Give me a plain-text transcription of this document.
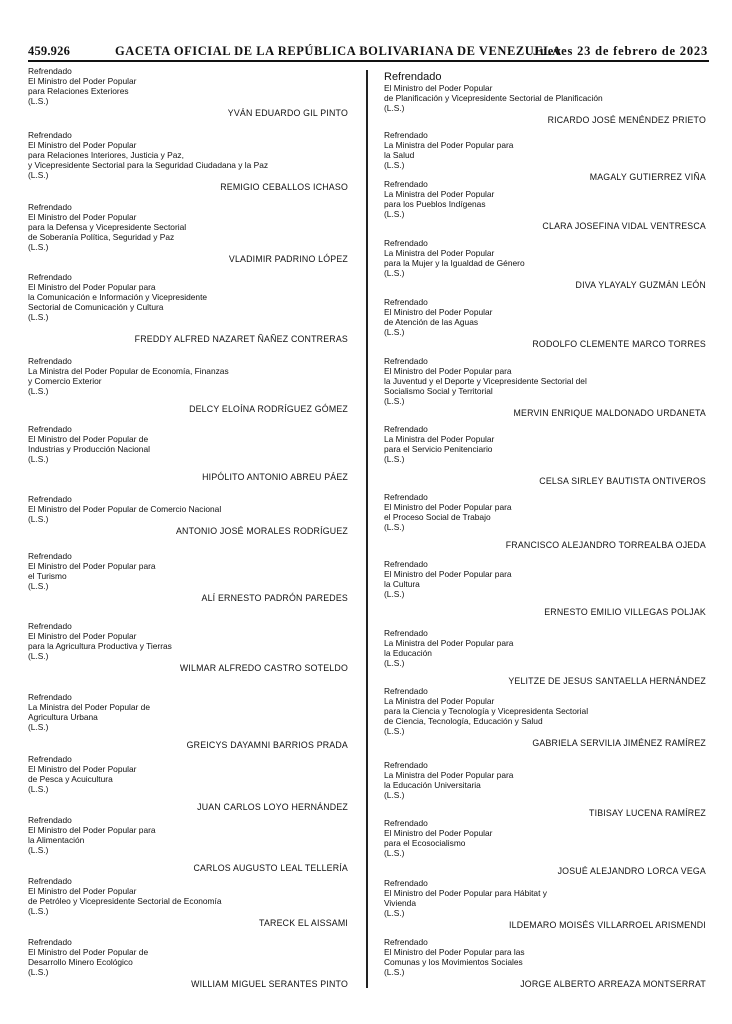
459.926	GACETA OFICIAL DE LA REPÚBLICA BOLIVARIANA DE VENEZUELA
Jueves 23 de febrero de 2023
Refrendado
El Ministro del Poder Popular
para Relaciones Exteriores
(L.S.)
YVÁN EDUARDO GIL PINTO
Refrendado
El Ministro del Poder Popular
para Relaciones Interiores, Justicia y Paz,
y Vicepresidente Sectorial para la Seguridad Ciudadana y la Paz
(L.S.)
REMIGIO CEBALLOS ICHASO
Refrendado
El Ministro del Poder Popular
para la Defensa y Vicepresidente Sectorial
de Soberanía Política, Seguridad y Paz
(L.S.)
VLADIMIR PADRINO LÓPEZ
Refrendado
El Ministro del Poder Popular para
la Comunicación e Información y Vicepresidente
Sectorial de Comunicación y Cultura
(L.S.)
FREDDY ALFRED NAZARET ÑAÑEZ CONTRERAS
Refrendado
La Ministra del Poder Popular de Economía, Finanzas
y Comercio Exterior
(L.S.)
DELCY ELOÍNA RODRÍGUEZ GÓMEZ
Refrendado
El Ministro del Poder Popular de
Industrias y Producción Nacional
(L.S.)
HIPÓLITO ANTONIO ABREU PÁEZ
Refrendado
El Ministro del Poder Popular de Comercio Nacional
(L.S.)
ANTONIO JOSÉ MORALES RODRÍGUEZ
Refrendado
El Ministro del Poder Popular para
el Turismo
(L.S.)
ALÍ ERNESTO PADRÓN PAREDES
Refrendado
El Ministro del Poder Popular
para la Agricultura Productiva y Tierras
(L.S.)
WILMAR ALFREDO CASTRO SOTELDO
Refrendado
La Ministra del Poder Popular de
Agricultura Urbana
(L.S.)
GREICYS DAYAMNI BARRIOS PRADA
Refrendado
El Ministro del Poder Popular
de Pesca y Acuicultura
(L.S.)
JUAN CARLOS LOYO HERNÁNDEZ
Refrendado
El Ministro del Poder Popular para
la Alimentación
(L.S.)
CARLOS AUGUSTO LEAL TELLERÍA
Refrendado
El Ministro del Poder Popular
de Petróleo y Vicepresidente Sectorial de Economía
(L.S.)
TARECK EL AISSAMI
Refrendado
El Ministro del Poder Popular de
Desarrollo Minero Ecológico
(L.S.)
WILLIAM MIGUEL SERANTES PINTO
Refrendado
El Ministro del Poder Popular
de Planificación y Vicepresidente Sectorial de Planificación
(L.S.)
RICARDO JOSÉ MENÉNDEZ PRIETO
Refrendado
La Ministra del Poder Popular para
la Salud
(L.S.)
MAGALY GUTIERREZ VIÑA
Refrendado
La Ministra del Poder Popular
para los Pueblos Indígenas
(L.S.)
CLARA JOSEFINA VIDAL VENTRESCA
Refrendado
La Ministra del Poder Popular
para la Mujer y la Igualdad de Género
(L.S.)
DIVA YLAYALY GUZMÁN LEÓN
Refrendado
El Ministro del Poder Popular
de Atención de las Aguas
(L.S.)
RODOLFO CLEMENTE MARCO TORRES
Refrendado
El Ministro del Poder Popular para
la Juventud y el Deporte y Vicepresidente Sectorial del
Socialismo Social y Territorial
(L.S.)
MERVIN ENRIQUE MALDONADO URDANETA
Refrendado
La Ministra del Poder Popular
para el Servicio Penitenciario
(L.S.)
CELSA SIRLEY BAUTISTA ONTIVEROS
Refrendado
El Ministro del Poder Popular para
el Proceso Social de Trabajo
(L.S.)
FRANCISCO ALEJANDRO TORREALBA OJEDA
Refrendado
El Ministro del Poder Popular para
la Cultura
(L.S.)
ERNESTO EMILIO VILLEGAS POLJAK
Refrendado
La Ministra del Poder Popular para
la Educación
(L.S.)
YELITZE DE JESUS SANTAELLA HERNÁNDEZ
Refrendado
La Ministra del Poder Popular
para la Ciencia y Tecnología y Vicepresidenta Sectorial
de Ciencia, Tecnología, Educación y Salud
(L.S.)
GABRIELA SERVILIA JIMÉNEZ RAMÍREZ
Refrendado
La Ministra del Poder Popular para
la Educación Universitaria
(L.S.)
TIBISAY LUCENA RAMÍREZ
Refrendado
El Ministro del Poder Popular
para el Ecosocialismo
(L.S.)
JOSUÉ ALEJANDRO LORCA VEGA
Refrendado
El Ministro del Poder Popular para Hábitat y
Vivienda
(L.S.)
ILDEMARO MOISÉS VILLARROEL ARISMENDI
Refrendado
El Ministro del Poder Popular para las
Comunas y los Movimientos Sociales
(L.S.)
JORGE ALBERTO ARREAZA MONTSERRAT
